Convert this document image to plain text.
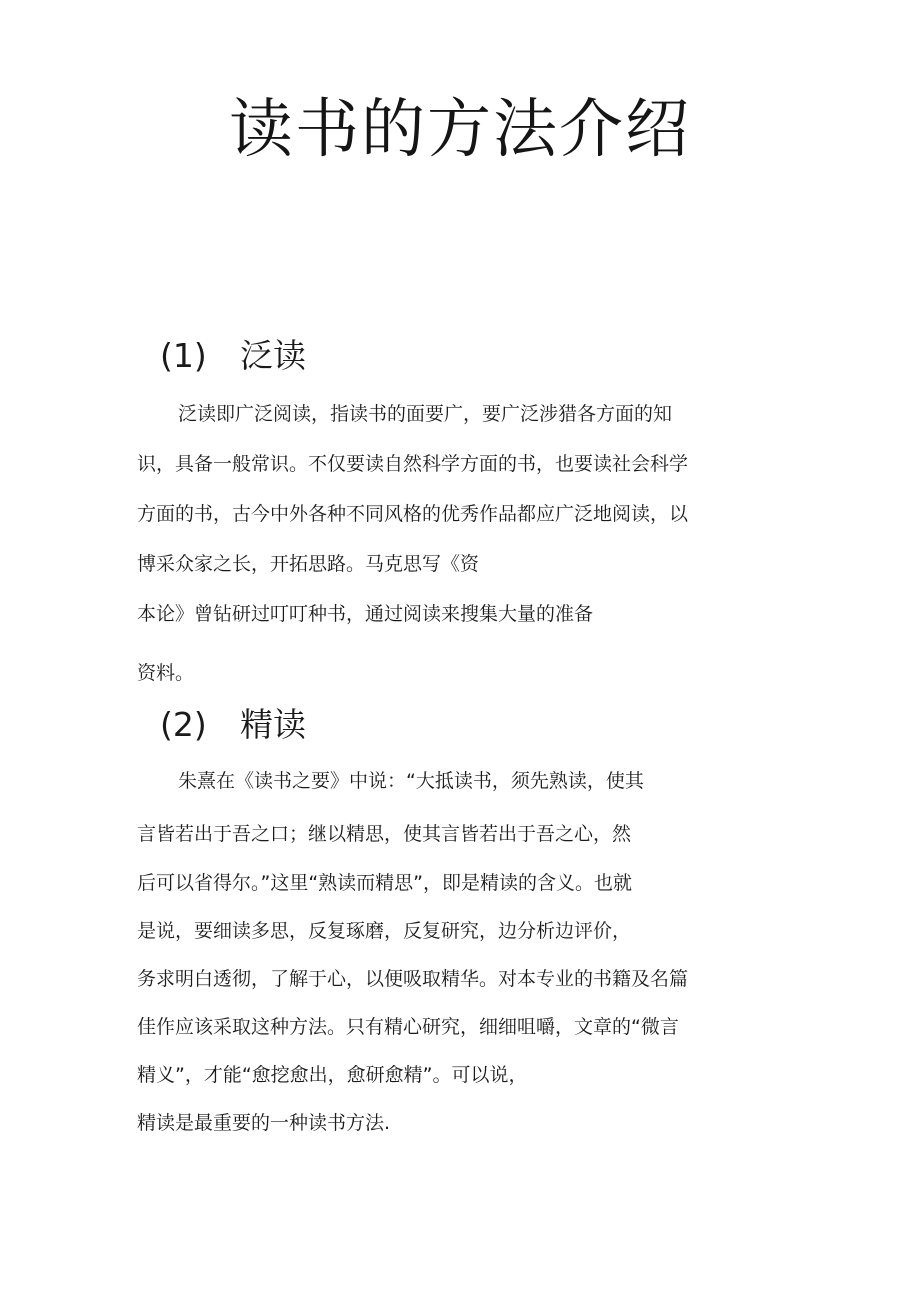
读书的方法介绍
(1) 泛读

泛读即广泛阅读，指读书的面要广，要广泛涉猎各方面的知

识，具备一般常识。不仅要读自然科学方面的书，也要读社会科学

方面的书，古今中外各种不同风格的优秀作品都应广泛地阅读，以

博采众家之长，开拓思路。马克思写《资

本论》曾钻研过叮叮种书，通过阅读来搜集大量的准备

资料。

(2) 精读

朱熹在《读书之要》中说：“大抵读书，须先熟读，使其

言皆若出于吾之口；继以精思，使其言皆若出于吾之心，然

后可以省得尔。”这里“熟读而精思”，即是精读的含义。也就

是说，要细读多思，反复琢磨，反复研究，边分析边评价，

务求明白透彻，了解于心，以便吸取精华。对本专业的书籍及名篇

佳作应该采取这种方法。只有精心研究，细细咀嚼，文章的“微言

精义”，才能“愈挖愈出，愈研愈精”。可以说，

精读是最重要的一种读书方法.
